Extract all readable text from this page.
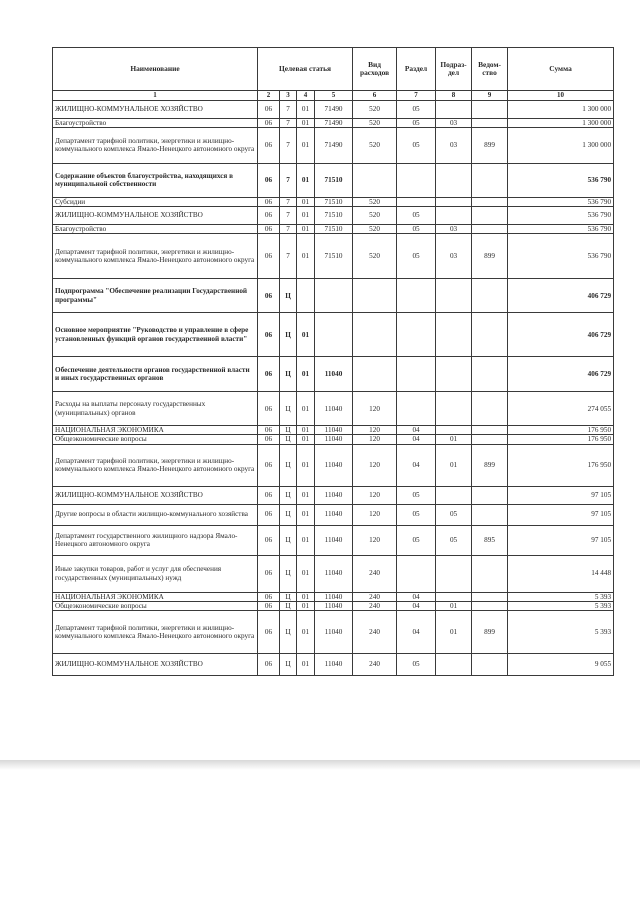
Наименование	Целевая статья				Вид расходов	Раздел	Подраз-дел	Ведом-ство	Сумма
1	2	3	4	5	6	7	8	9	10
ЖИЛИЩНО-КОММУНАЛЬНОЕ ХОЗЯЙСТВО	06	7	01	71490	520	05			1 300 000
Благоустройство	06	7	01	71490	520	05	03		1 300 000
Департамент тарифной политики, энергетики и жилищно-коммунального комплекса Ямало-Ненецкого автономного округа	06	7	01	71490	520	05	03	899	1 300 000
Содержание объектов благоустройства, находящихся в муниципальной собственности	06	7	01	71510					536 790
Субсидии	06	7	01	71510	520				536 790
ЖИЛИЩНО-КОММУНАЛЬНОЕ ХОЗЯЙСТВО	06	7	01	71510	520	05			536 790
Благоустройство	06	7	01	71510	520	05	03		536 790
Департамент тарифной политики, энергетики и жилищно-коммунального комплекса Ямало-Ненецкого автономного округа	06	7	01	71510	520	05	03	899	536 790
Подпрограмма "Обеспечение реализации Государственной программы"	06	Ц							406 729
Основное мероприятие "Руководство и управление в сфере установленных функций органов государственной власти"	06	Ц	01						406 729
Обеспечение деятельности органов государственной власти и иных государственных органов	06	Ц	01	11040					406 729
Расходы на выплаты персоналу государственных (муниципальных) органов	06	Ц	01	11040	120				274 055
НАЦИОНАЛЬНАЯ ЭКОНОМИКА	06	Ц	01	11040	120	04			176 950
Общеэкономические вопросы	06	Ц	01	11040	120	04	01		176 950
Департамент тарифной политики, энергетики и жилищно-коммунального комплекса Ямало-Ненецкого автономного округа	06	Ц	01	11040	120	04	01	899	176 950
ЖИЛИЩНО-КОММУНАЛЬНОЕ ХОЗЯЙСТВО	06	Ц	01	11040	120	05			97 105
Другие вопросы в области жилищно-коммунального хозяйства	06	Ц	01	11040	120	05	05		97 105
Департамент государственного жилищного надзора Ямало-Ненецкого автономного округа	06	Ц	01	11040	120	05	05	895	97 105
Иные закупки товаров, работ и услуг для обеспечения государственных (муниципальных) нужд	06	Ц	01	11040	240				14 448
НАЦИОНАЛЬНАЯ ЭКОНОМИКА	06	Ц	01	11040	240	04			5 393
Общеэкономические вопросы	06	Ц	01	11040	240	04	01		5 393
Департамент тарифной политики, энергетики и жилищно-коммунального комплекса Ямало-Ненецкого автономного округа	06	Ц	01	11040	240	04	01	899	5 393
ЖИЛИЩНО-КОММУНАЛЬНОЕ ХОЗЯЙСТВО	06	Ц	01	11040	240	05			9 055
